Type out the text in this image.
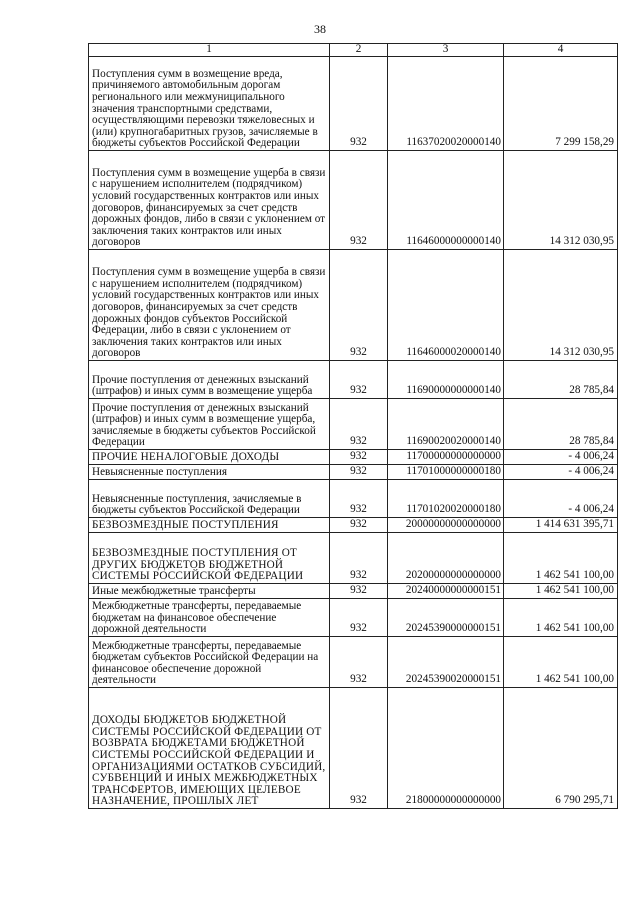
38
1	2	3	4
Поступления сумм в возмещение вреда, причиняемого автомобильным дорогам регионального или межмуниципального значения транспортными средствами, осуществляющими перевозки тяжеловесных и (или) крупногабаритных грузов, зачисляемые в бюджеты субъектов Российской Федерации	932	11637020020000140	7 299 158,29
Поступления сумм в возмещение ущерба в связи с нарушением исполнителем (подрядчиком) условий государственных контрактов или иных договоров, финансируемых за счет средств дорожных фондов, либо в связи с уклонением от заключения таких контрактов или иных договоров	932	11646000000000140	14 312 030,95
Поступления сумм в возмещение ущерба в связи с нарушением исполнителем (подрядчиком) условий государственных контрактов или иных договоров, финансируемых за счет средств дорожных фондов субъектов Российской Федерации, либо в связи с уклонением от заключения таких контрактов или иных договоров	932	11646000020000140	14 312 030,95
Прочие поступления от денежных взысканий (штрафов) и иных сумм в возмещение ущерба	932	11690000000000140	28 785,84
Прочие поступления от денежных взысканий (штрафов) и иных сумм в возмещение ущерба, зачисляемые в бюджеты субъектов Российской Федерации	932	11690020020000140	28 785,84
ПРОЧИЕ НЕНАЛОГОВЫЕ ДОХОДЫ	932	11700000000000000	- 4 006,24
Невыясненные поступления	932	11701000000000180	- 4 006,24
Невыясненные поступления, зачисляемые в бюджеты субъектов Российской Федерации	932	11701020020000180	- 4 006,24
БЕЗВОЗМЕЗДНЫЕ ПОСТУПЛЕНИЯ	932	20000000000000000	1 414 631 395,71
БЕЗВОЗМЕЗДНЫЕ ПОСТУПЛЕНИЯ ОТ ДРУГИХ БЮДЖЕТОВ БЮДЖЕТНОЙ СИСТЕМЫ РОССИЙСКОЙ ФЕДЕРАЦИИ	932	20200000000000000	1 462 541 100,00
Иные межбюджетные трансферты	932	20240000000000151	1 462 541 100,00
Межбюджетные трансферты, передаваемые бюджетам на финансовое обеспечение дорожной деятельности	932	20245390000000151	1 462 541 100,00
Межбюджетные трансферты, передаваемые бюджетам субъектов Российской Федерации на финансовое обеспечение дорожной деятельности	932	20245390020000151	1 462 541 100,00
ДОХОДЫ БЮДЖЕТОВ БЮДЖЕТНОЙ СИСТЕМЫ РОССИЙСКОЙ ФЕДЕРАЦИИ ОТ ВОЗВРАТА БЮДЖЕТАМИ БЮДЖЕТНОЙ СИСТЕМЫ РОССИЙСКОЙ ФЕДЕРАЦИИ И ОРГАНИЗАЦИЯМИ ОСТАТКОВ СУБСИДИЙ, СУБВЕНЦИЙ И ИНЫХ МЕЖБЮДЖЕТНЫХ ТРАНСФЕРТОВ, ИМЕЮЩИХ ЦЕЛЕВОЕ НАЗНАЧЕНИЕ, ПРОШЛЫХ ЛЕТ	932	21800000000000000	6 790 295,71
